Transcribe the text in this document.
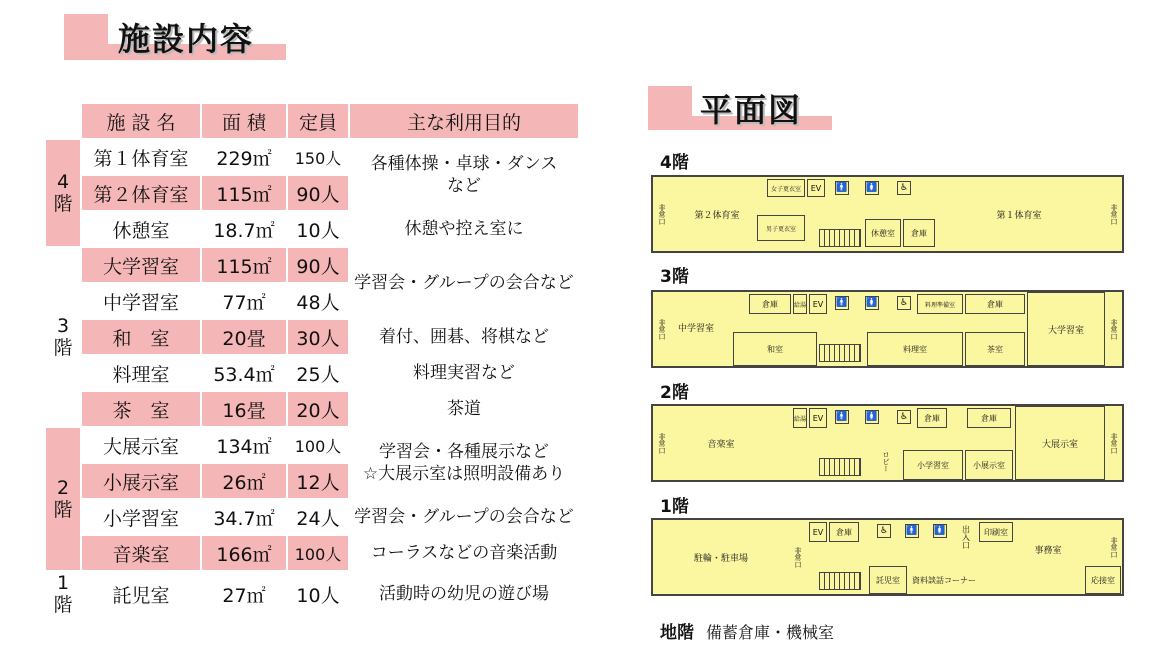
施設内容
	施 設 名	面 積	定員	主な利用目的
4
階	第１体育室	229㎡	150人	各種体操・卓球・ダンスなど
	第２体育室	115㎡	90人	
	休憩室	18.7㎡	10人	休憩や控え室に
3
階	大学習室	115㎡	90人	学習会・グループの会合など
	中学習室	77㎡	48人	
	和　室	20畳	30人	着付、囲碁、将棋など
	料理室	53.4㎡	25人	料理実習など
	茶　室	16畳	20人	茶道
2
階	大展示室	134㎡	100人	学習会・各種展示など
☆大展示室は照明設備あり
	小展示室	26㎡	12人	
	小学習室	34.7㎡	24人	学習会・グループの会合など
	音楽室	166㎡	100人	コーラスなどの音楽活動
1
階	託児室	27㎡	10人	活動時の幼児の遊び場
平面図
4階
非常口	第２体育室
女子更衣室
男子更衣室
EV	🚹 🚺	♿
休憩室	倉庫
第１体育室	非常口
3階
非常口	中学習室
倉庫	給湯 EV	🚹 🚺	♿	料理準備室	倉庫
和室	料理室	茶室
大学習室	非常口
2階
非常口	音楽室
給湯 EV	🚹 🚺	♿	倉庫	倉庫
ロビー	小学習室	小展示室
大展示室	非常口
1階
駐輪・駐車場	非常口
EV	倉庫	♿	🚹 🚺	出入口	印刷室
託児室	資料談話コーナー
事務室
応接室
非常口
地階 備蓄倉庫・機械室
